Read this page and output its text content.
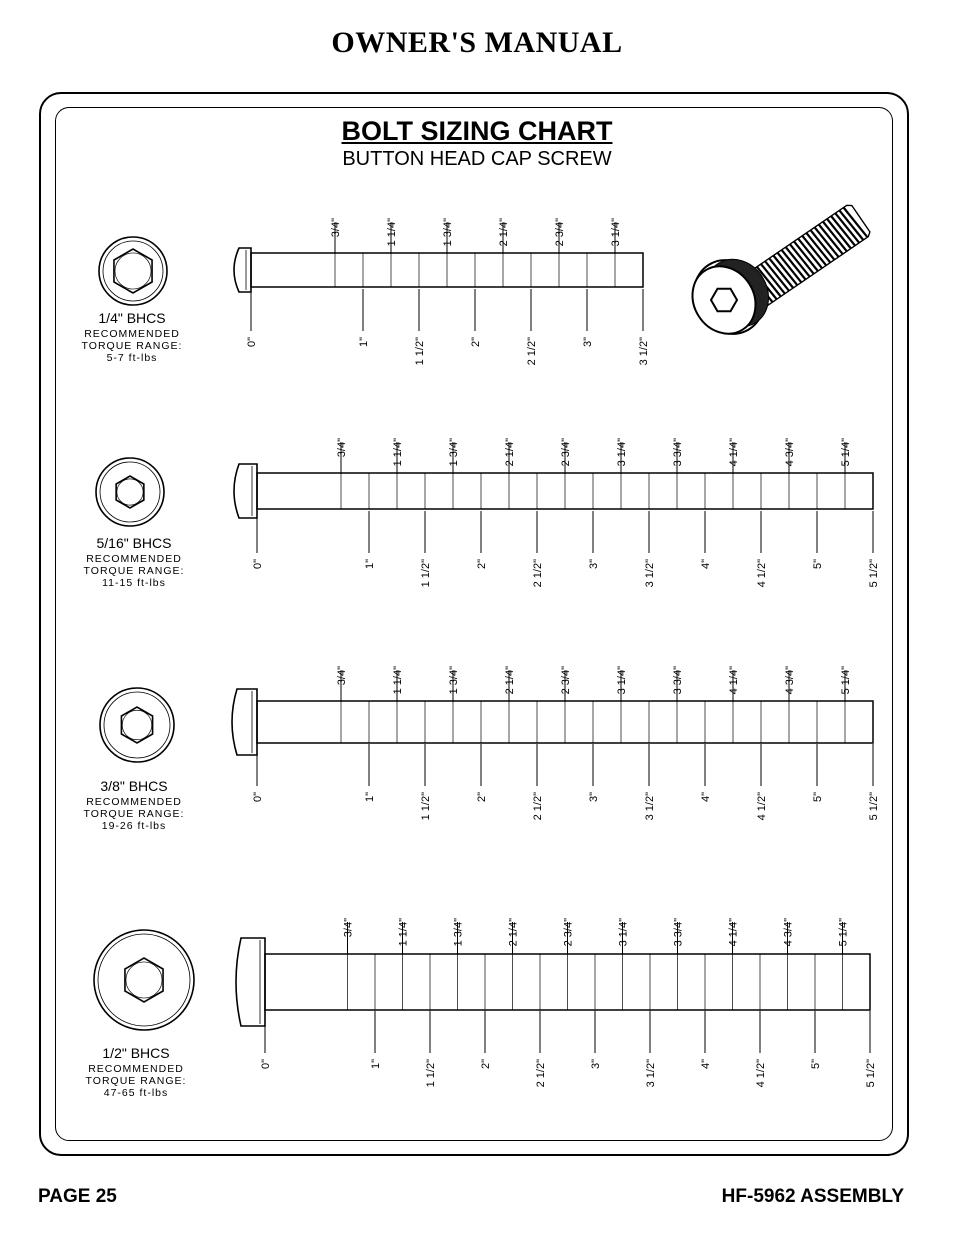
OWNER'S MANUAL
BOLT SIZING CHART
BUTTON HEAD CAP SCREW
3/4"	1 1/4"	1 3/4"	2 1/4"	2 3/4"	3 1/4"
0"	1"	1 1/2"	2"	2 1/2"	3"	3 1/2"
3/4"	1 1/4"	1 3/4"	2 1/4"	2 3/4"	3 1/4"	3 3/4"	4 1/4"	4 3/4"	5 1/4"
0"	1"	1 1/2"	2"	2 1/2"	3"	3 1/2"	4"	4 1/2"	5"	5 1/2"
3/4"	1 1/4"	1 3/4"	2 1/4"	2 3/4"	3 1/4"	3 3/4"	4 1/4"	4 3/4"	5 1/4"
0"	1"	1 1/2"	2"	2 1/2"	3"	3 1/2"	4"	4 1/2"	5"	5 1/2"
3/4"	1 1/4"	1 3/4"	2 1/4"	2 3/4"	3 1/4"	3 3/4"	4 1/4"	4 3/4"	5 1/4"
0"	1"	1 1/2"	2"	2 1/2"	3"	3 1/2"	4"	4 1/2"	5"	5 1/2"
1/4" BHCS
RECOMMENDED
TORQUE RANGE:
5-7 ft-lbs
5/16" BHCS
RECOMMENDED
TORQUE RANGE:
11-15 ft-lbs
3/8" BHCS
RECOMMENDED
TORQUE RANGE:
19-26 ft-lbs
1/2" BHCS
RECOMMENDED
TORQUE RANGE:
47-65 ft-lbs
PAGE 25	HF-5962 ASSEMBLY
